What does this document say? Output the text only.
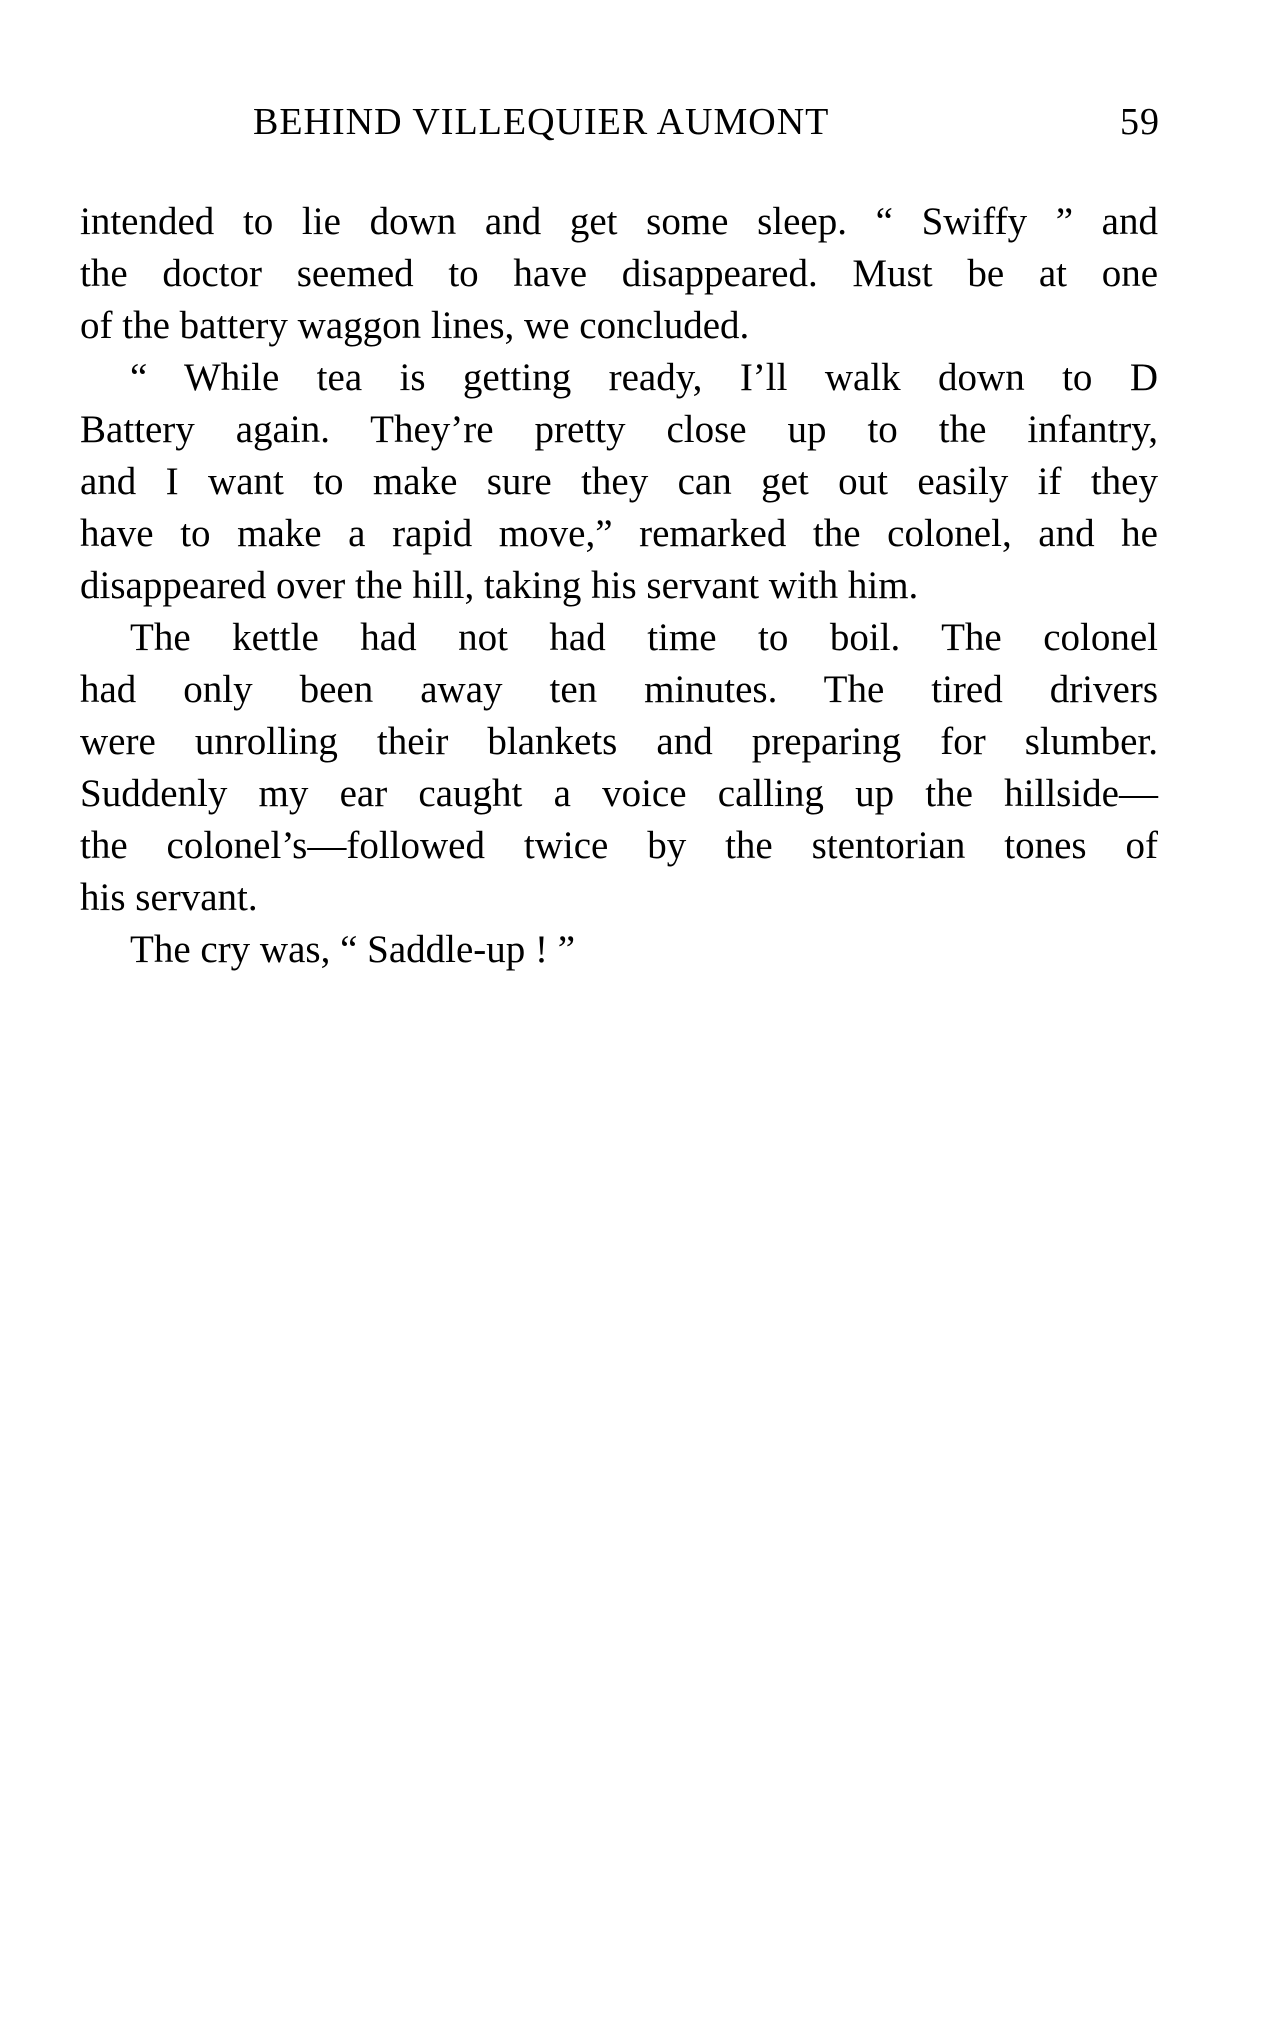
BEHIND VILLEQUIER AUMONT	59
intended to lie down and get some sleep. “ Swiffy ” and
the doctor seemed to have disappeared. Must be at one
of the battery waggon lines, we concluded.
“ While tea is getting ready, I’ll walk down to D
Battery again. They’re pretty close up to the infantry,
and I want to make sure they can get out easily if they
have to make a rapid move,” remarked the colonel, and he
disappeared over the hill, taking his servant with him.
The kettle had not had time to boil. The colonel
had only been away ten minutes. The tired drivers
were unrolling their blankets and preparing for slumber.
Suddenly my ear caught a voice calling up the hillside—
the colonel’s—followed twice by the stentorian tones of
his servant.
The cry was, “ Saddle-up ! ”
